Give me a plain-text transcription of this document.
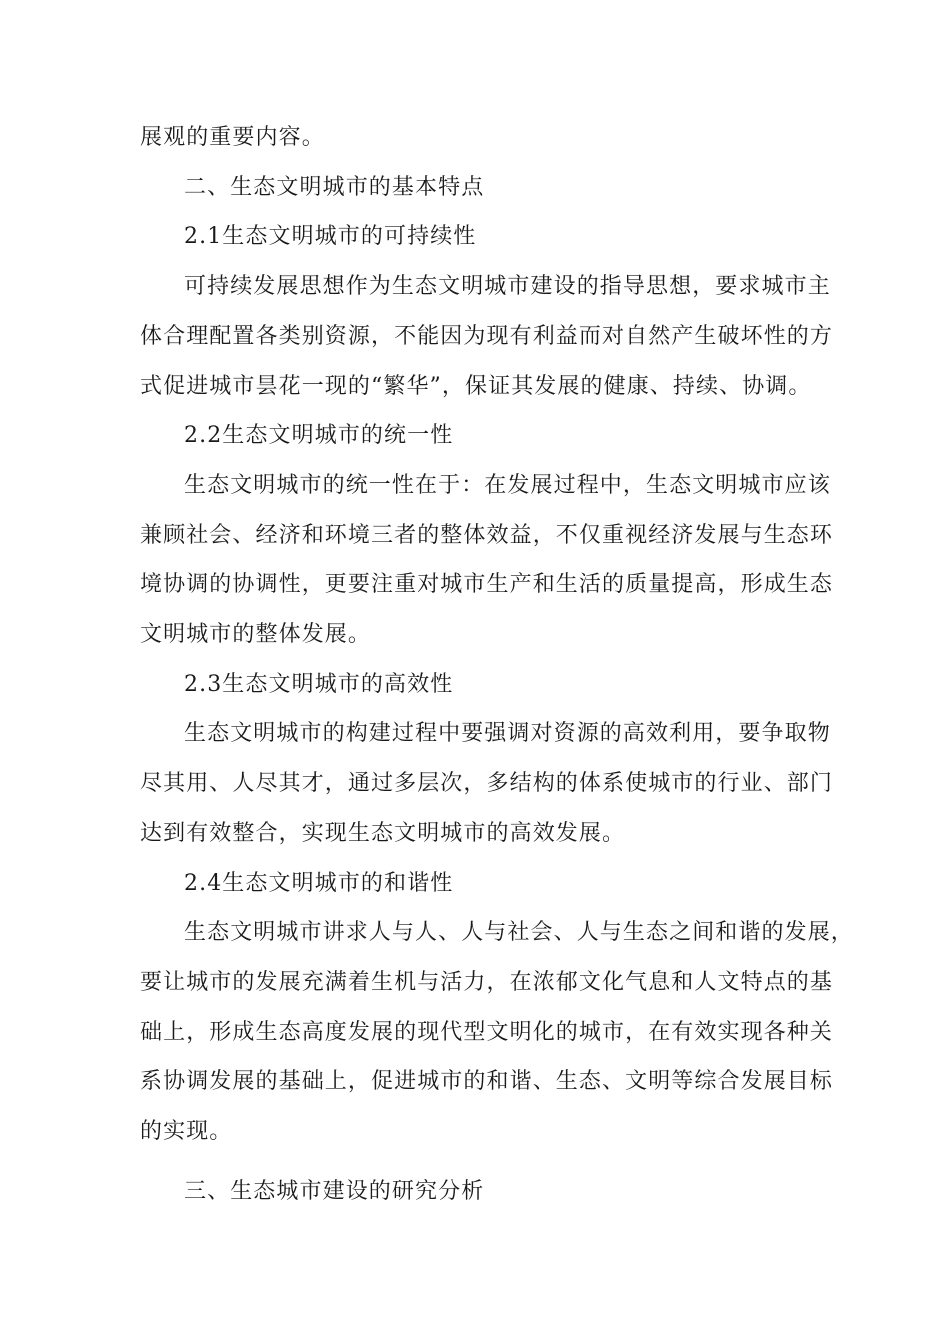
展观的重要内容。

二、生态文明城市的基本特点

2.1生态文明城市的可持续性

可持续发展思想作为生态文明城市建设的指导思想，要求城市主

体合理配置各类别资源，不能因为现有利益而对自然产生破坏性的方

式促进城市昙花一现的“繁华”，保证其发展的健康、持续、协调。

2.2生态文明城市的统一性

生态文明城市的统一性在于：在发展过程中，生态文明城市应该

兼顾社会、经济和环境三者的整体效益，不仅重视经济发展与生态环

境协调的协调性，更要注重对城市生产和生活的质量提高，形成生态

文明城市的整体发展。

2.3生态文明城市的高效性

生态文明城市的构建过程中要强调对资源的高效利用，要争取物

尽其用、人尽其才，通过多层次，多结构的体系使城市的行业、部门

达到有效整合，实现生态文明城市的高效发展。

2.4生态文明城市的和谐性

生态文明城市讲求人与人、人与社会、人与生态之间和谐的发展，

要让城市的发展充满着生机与活力，在浓郁文化气息和人文特点的基

础上，形成生态高度发展的现代型文明化的城市，在有效实现各种关

系协调发展的基础上，促进城市的和谐、生态、文明等综合发展目标

的实现。

三、生态城市建设的研究分析
